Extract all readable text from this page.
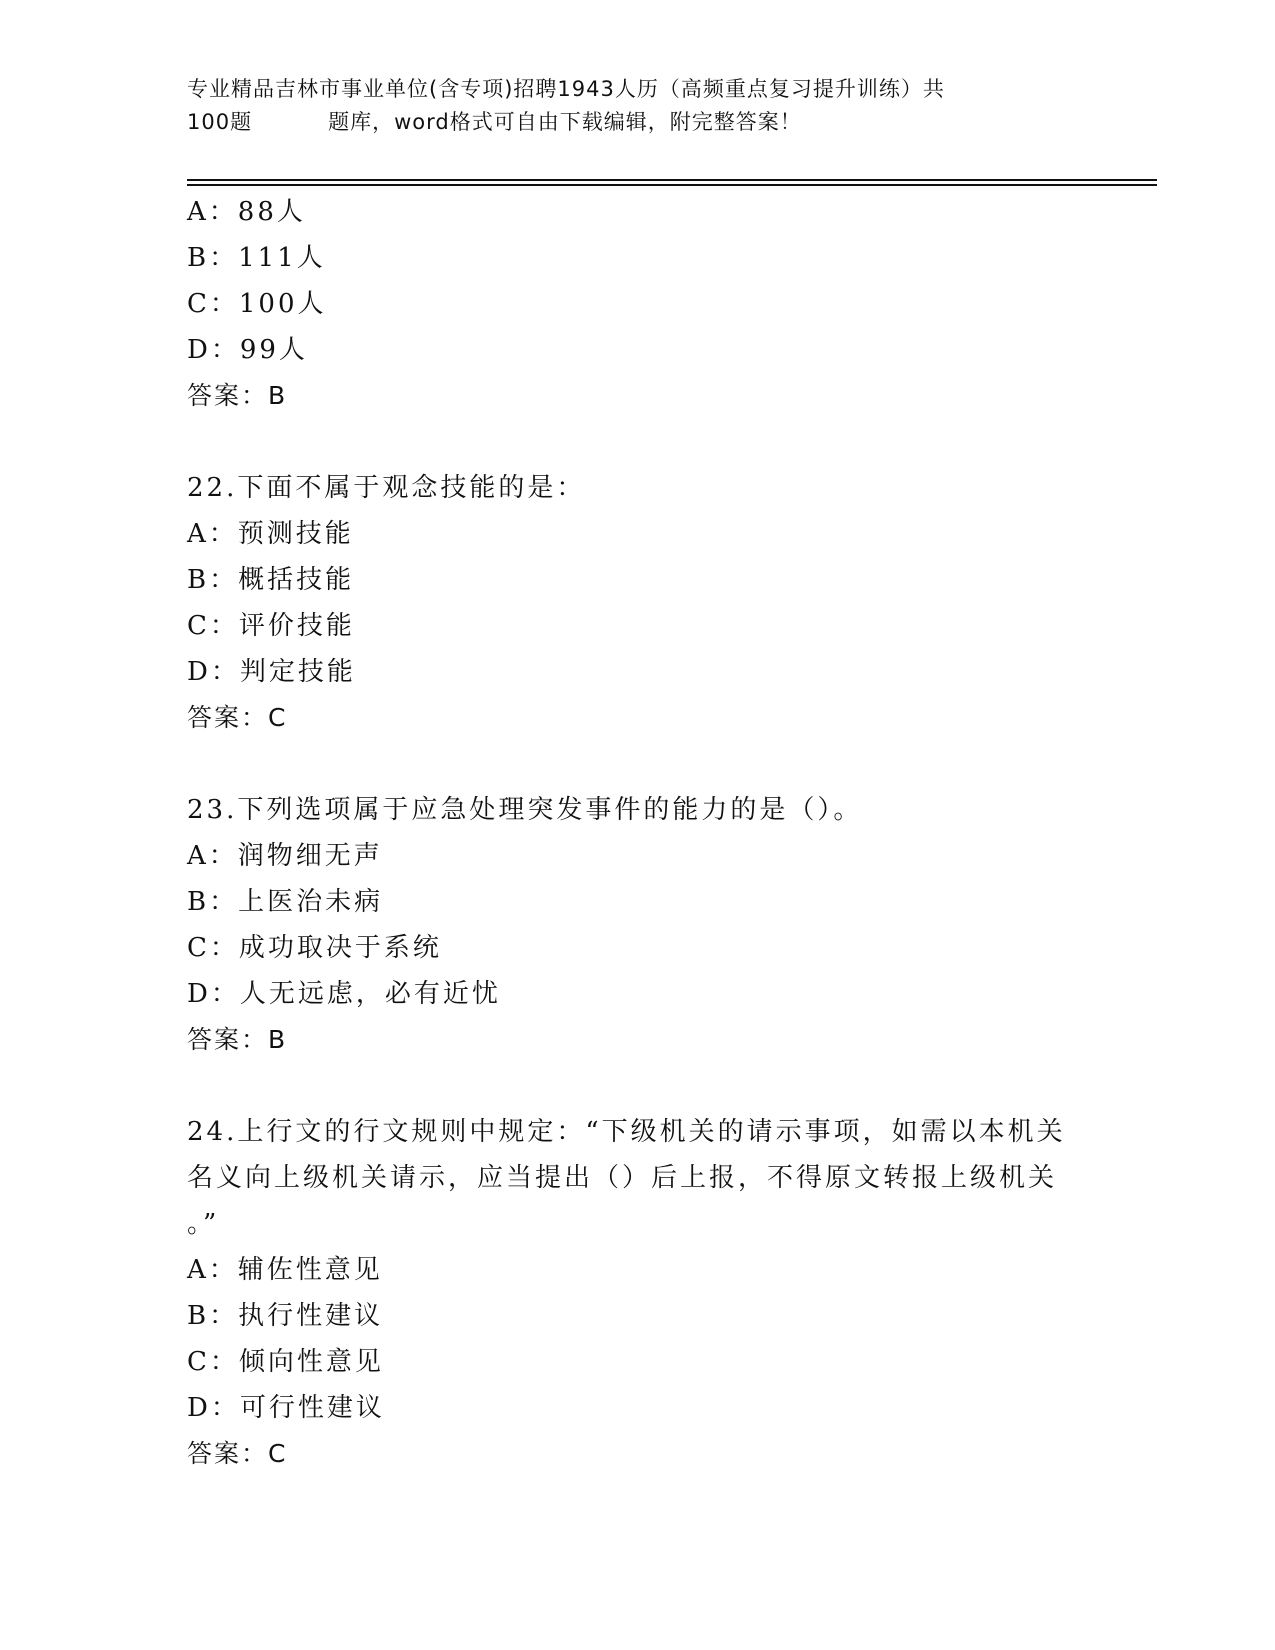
专业精品吉林市事业单位(含专项)招聘1943人历（高频重点复习提升训练）共
100题	题库，word格式可自由下载编辑，附完整答案！
A：88人
B：111人
C：100人
D：99人
答案：B
22.下面不属于观念技能的是：
A：预测技能
B：概括技能
C：评价技能
D：判定技能
答案：C
23.下列选项属于应急处理突发事件的能力的是（）。
A：润物细无声
B：上医治未病
C：成功取决于系统
D：人无远虑，必有近忧
答案：B
24.上行文的行文规则中规定：“下级机关的请示事项，如需以本机关
名义向上级机关请示，应当提出（）后上报，不得原文转报上级机关
。”
A：辅佐性意见
B：执行性建议
C：倾向性意见
D：可行性建议
答案：C
